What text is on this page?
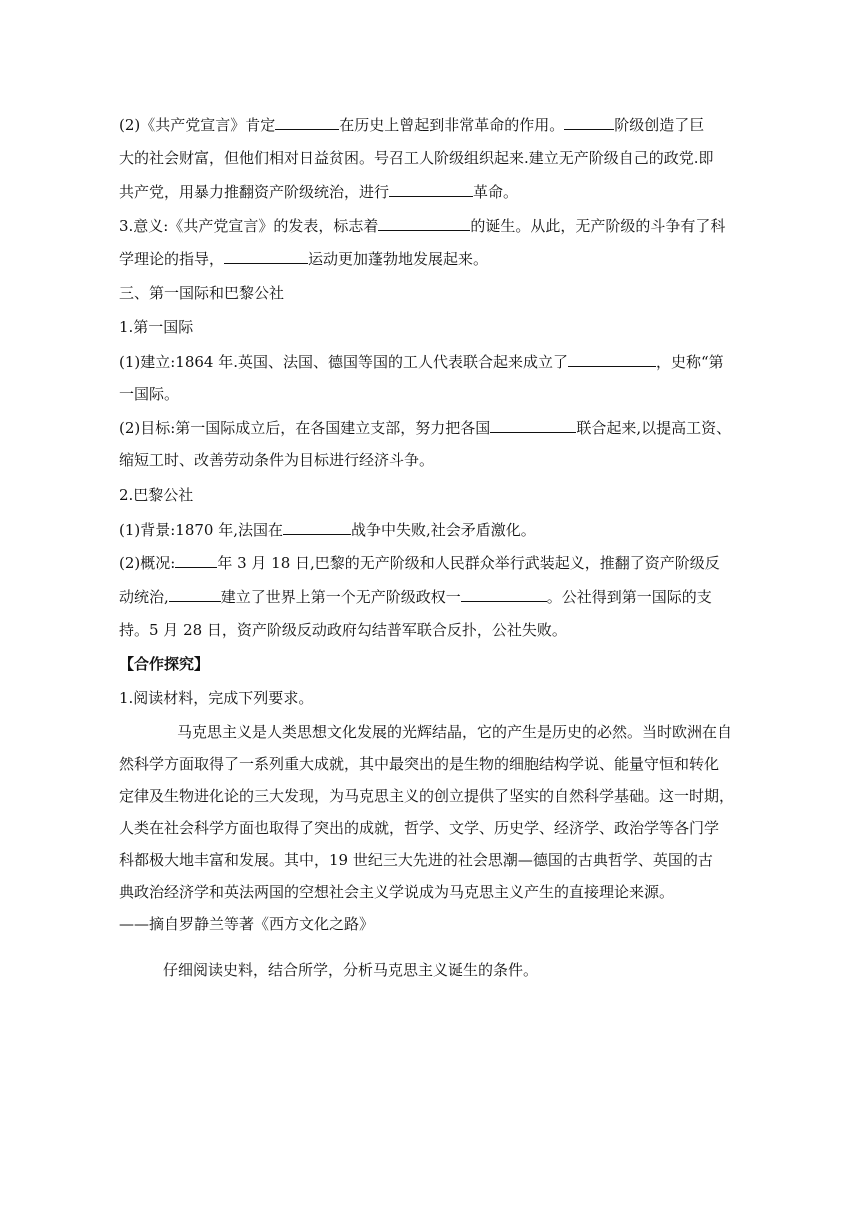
(2)《共产党宣言》肯定	在历史上曾起到非常革命的作用。	阶级创造了巨
大的社会财富，但他们相对日益贫困。号召工人阶级组织起来.建立无产阶级自己的政党.即
共产党，用暴力推翻资产阶级统治，进行	革命。
3.意义:《共产党宣言》的发表，标志着	的诞生。从此，无产阶级的斗争有了科
学理论的指导，	运动更加蓬勃地发展起来。
三、第一国际和巴黎公社
1.第一国际
(1)建立:1864 年.英国、法国、德国等国的工人代表联合起来成立了	，史称“第
一国际。
(2)目标:第一国际成立后，在各国建立支部，努力把各国	联合起来,以提高工资、
缩短工时、改善劳动条件为目标进行经济斗争。
2.巴黎公社
(1)背景:1870 年,法国在	战争中失败,社会矛盾激化。
(2)概况:	年 3 月 18 日,巴黎的无产阶级和人民群众举行武装起义，推翻了资产阶级反
动统治,	建立了世界上第一个无产阶级政权一	。公社得到第一国际的支
持。5 月 28 日，资产阶级反动政府勾结普军联合反扑，公社失败。
【合作探究】
1.阅读材料，完成下列要求。
马克思主义是人类思想文化发展的光辉结晶，它的产生是历史的必然。当时欧洲在自
然科学方面取得了一系列重大成就，其中最突出的是生物的细胞结构学说、能量守恒和转化
定律及生物进化论的三大发现，为马克思主义的创立提供了坚实的自然科学基础。这一时期，
人类在社会科学方面也取得了突出的成就，哲学、文学、历史学、经济学、政治学等各门学
科都极大地丰富和发展。其中，19 世纪三大先进的社会思潮—德国的古典哲学、英国的古
典政治经济学和英法两国的空想社会主义学说成为马克思主义产生的直接理论来源。
——摘自罗静兰等著《西方文化之路》
仔细阅读史料，结合所学，分析马克思主义诞生的条件。
